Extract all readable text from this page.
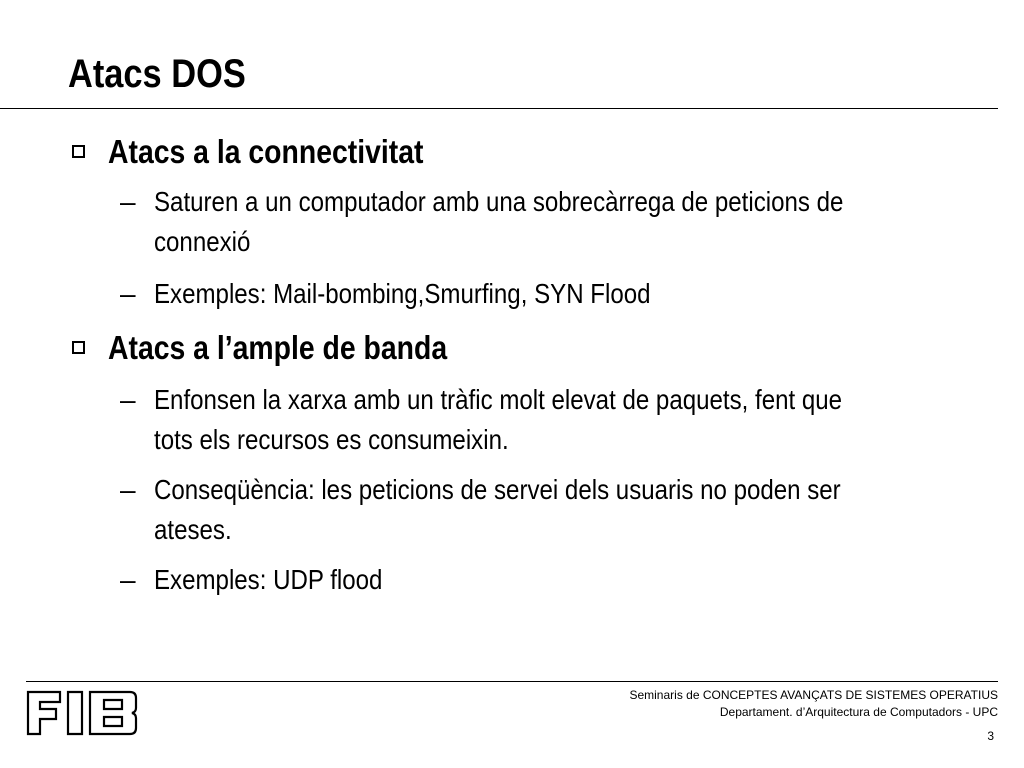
Atacs DOS
Atacs a la connectivitat
– Saturen a un computador amb una sobrecàrrega de peticions de
connexió
– Exemples: Mail-bombing,Smurfing, SYN Flood
Atacs a l’ample de banda
– Enfonsen la xarxa amb un tràfic molt elevat de paquets, fent que
tots els recursos es consumeixin.
– Conseqüència: les peticions de servei dels usuaris no poden ser
ateses.
– Exemples: UDP flood
Seminaris de CONCEPTES AVANÇATS DE SISTEMES OPERATIUS
Departament. d’Arquitectura de Computadors - UPC
3
